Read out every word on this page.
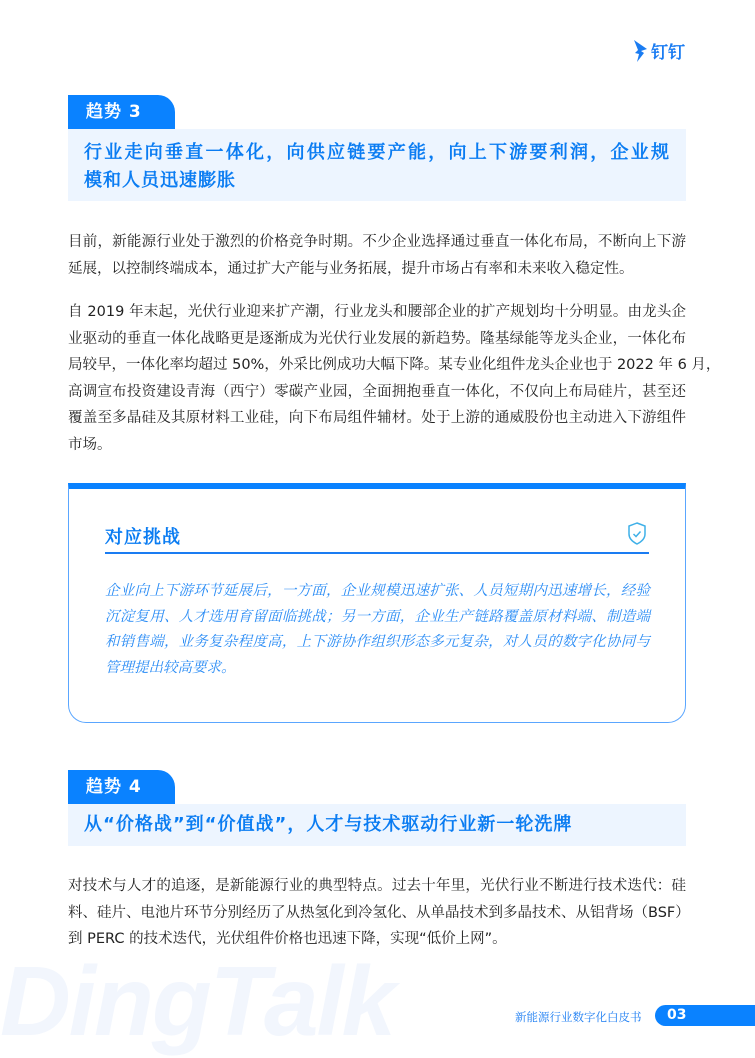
钉钉
趋势 3
行业走向垂直一体化，向供应链要产能，向上下游要利润，企业规
模和人员迅速膨胀
目前，新能源行业处于激烈的价格竞争时期。不少企业选择通过垂直一体化布局，不断向上下游
延展，以控制终端成本，通过扩大产能与业务拓展，提升市场占有率和未来收入稳定性。
自 2019 年末起，光伏行业迎来扩产潮，行业龙头和腰部企业的扩产规划均十分明显。由龙头企
业驱动的垂直一体化战略更是逐渐成为光伏行业发展的新趋势。隆基绿能等龙头企业，一体化布
局较早，一体化率均超过 50%，外采比例成功大幅下降。某专业化组件龙头企业也于 2022 年 6 月，
高调宣布投资建设青海（西宁）零碳产业园，全面拥抱垂直一体化，不仅向上布局硅片，甚至还
覆盖至多晶硅及其原材料工业硅，向下布局组件辅材。处于上游的通威股份也主动进入下游组件
市场。
对应挑战
企业向上下游环节延展后，一方面，企业规模迅速扩张、人员短期内迅速增长，经验
沉淀复用、人才选用育留面临挑战；另一方面，企业生产链路覆盖原材料端、制造端
和销售端，业务复杂程度高，上下游协作组织形态多元复杂，对人员的数字化协同与
管理提出较高要求。
趋势 4
从“价格战”到“价值战”，人才与技术驱动行业新一轮洗牌
对技术与人才的追逐，是新能源行业的典型特点。过去十年里，光伏行业不断进行技术迭代：硅
料、硅片、电池片环节分别经历了从热氢化到冷氢化、从单晶技术到多晶技术、从铝背场（BSF）
到 PERC 的技术迭代，光伏组件价格也迅速下降，实现“低价上网”。
DingTalk	新能源行业数字化白皮书	03
